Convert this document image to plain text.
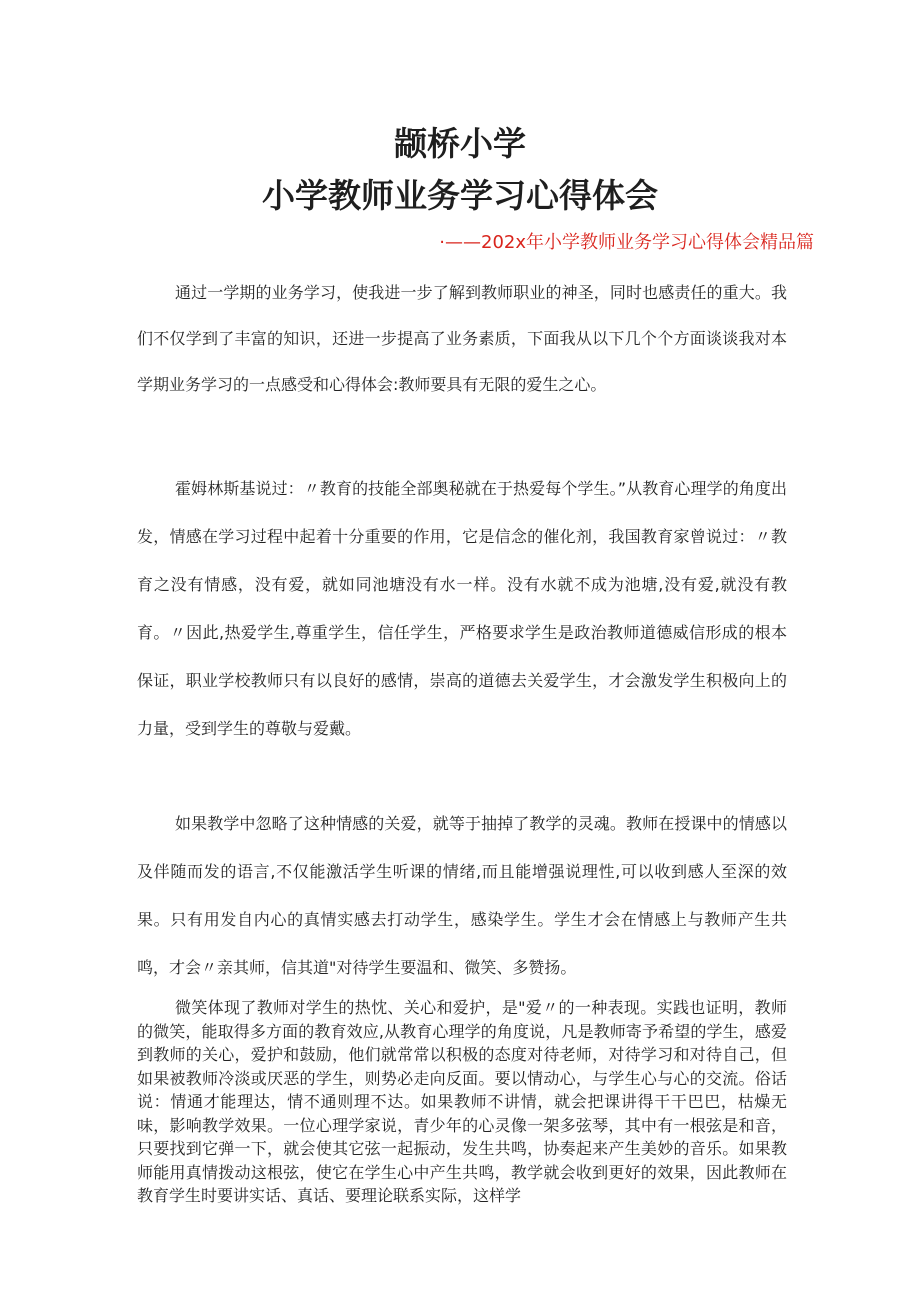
颛桥小学
小学教师业务学习心得体会

·——202x年小学教师业务学习心得体会精品篇

通过一学期的业务学习，使我进一步了解到教师职业的神圣，同时也感责任的重大。我们不仅学到了丰富的知识，还进一步提高了业务素质，下面我从以下几个个方面谈谈我对本学期业务学习的一点感受和心得体会:教师要具有无限的爱生之心。

霍姆林斯基说过：〃教育的技能全部奥秘就在于热爱每个学生。”从教育心理学的角度出发，情感在学习过程中起着十分重要的作用，它是信念的催化剂，我国教育家曾说过：〃教育之没有情感，没有爱，就如同池塘没有水一样。没有水就不成为池塘,没有爱,就没有教育。〃因此,热爱学生,尊重学生，信任学生，严格要求学生是政治教师道德威信形成的根本保证，职业学校教师只有以良好的感情，崇高的道德去关爱学生，才会激发学生积极向上的力量，受到学生的尊敬与爱戴。

如果教学中忽略了这种情感的关爱，就等于抽掉了教学的灵魂。教师在授课中的情感以及伴随而发的语言,不仅能激活学生听课的情绪,而且能增强说理性,可以收到感人至深的效果。只有用发自内心的真情实感去打动学生，感染学生。学生才会在情感上与教师产生共鸣，才会〃亲其师，信其道"对待学生要温和、微笑、多赞扬。

微笑体现了教师对学生的热忱、关心和爱护，是"爱〃的一种表现。实践也证明，教师的微笑，能取得多方面的教育效应,从教育心理学的角度说，凡是教师寄予希望的学生，感爱到教师的关心，爱护和鼓励，他们就常常以积极的态度对待老师，对待学习和对待自己，但如果被教师冷淡或厌恶的学生，则势必走向反面。要以情动心，与学生心与心的交流。俗话说：情通才能理达，情不通则理不达。如果教师不讲情，就会把课讲得干干巴巴，枯燥无味，影响教学效果。一位心理学家说，青少年的心灵像一架多弦琴，其中有一根弦是和音，只要找到它弹一下，就会使其它弦一起振动，发生共鸣，协奏起来产生美妙的音乐。如果教师能用真情拨动这根弦，使它在学生心中产生共鸣，教学就会收到更好的效果，因此教师在教育学生时要讲实话、真话、要理论联系实际，这样学
